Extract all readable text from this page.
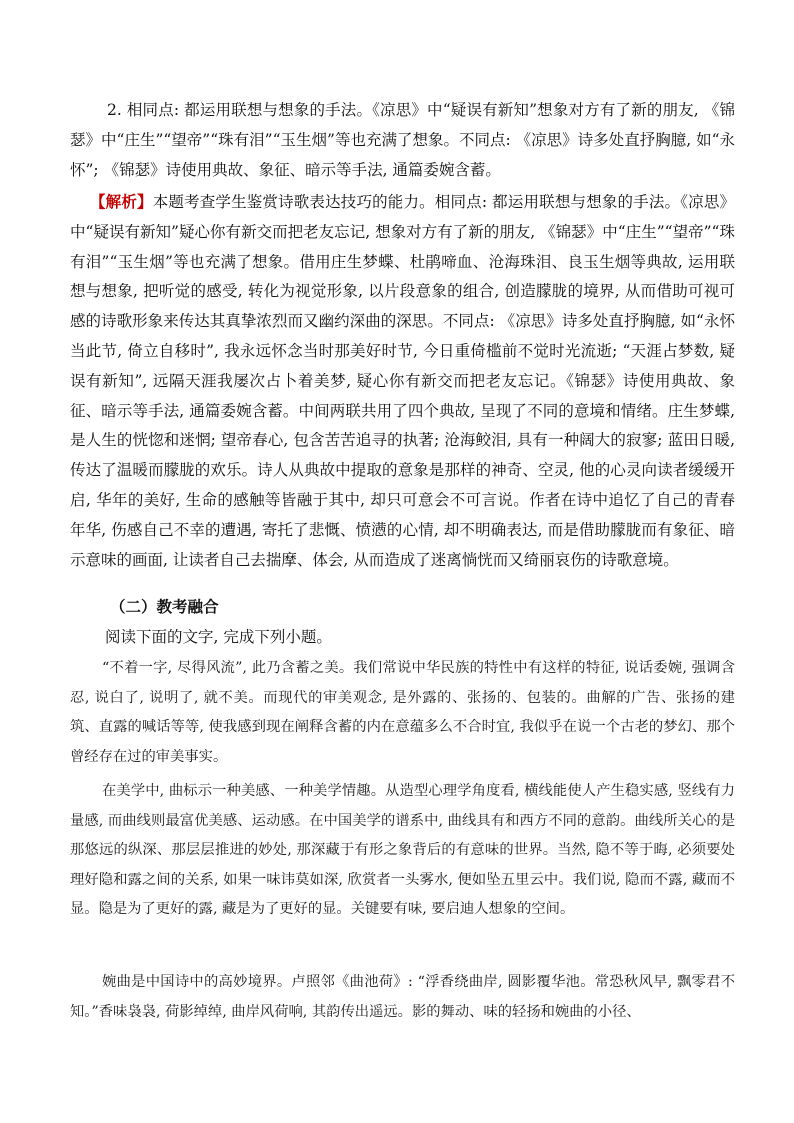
2. 相同点: 都运用联想与想象的手法。《凉思》中“疑误有新知”想象对方有了新的朋友, 《锦瑟》中“庄生”“望帝”“珠有泪”“玉生烟”等也充满了想象。不同点: 《凉思》诗多处直抒胸臆, 如“永怀”; 《锦瑟》诗使用典故、象征、暗示等手法, 通篇委婉含蓄。

【解析】本题考查学生鉴赏诗歌表达技巧的能力。相同点: 都运用联想与想象的手法。《凉思》中“疑误有新知”疑心你有新交而把老友忘记, 想象对方有了新的朋友, 《锦瑟》中“庄生”“望帝”“珠有泪”“玉生烟”等也充满了想象。借用庄生梦蝶、杜鹃啼血、沧海珠泪、良玉生烟等典故, 运用联想与想象, 把听觉的感受, 转化为视觉形象, 以片段意象的组合, 创造朦胧的境界, 从而借助可视可感的诗歌形象来传达其真挚浓烈而又幽约深曲的深思。不同点: 《凉思》诗多处直抒胸臆, 如“永怀当此节, 倚立自移时”, 我永远怀念当时那美好时节, 今日重倚槛前不觉时光流逝; “天涯占梦数, 疑误有新知”, 远隔天涯我屡次占卜着美梦, 疑心你有新交而把老友忘记。《锦瑟》诗使用典故、象征、暗示等手法, 通篇委婉含蓄。中间两联共用了四个典故, 呈现了不同的意境和情绪。庄生梦蝶, 是人生的恍惚和迷惘; 望帝春心, 包含苦苦追寻的执著; 沧海鲛泪, 具有一种阔大的寂寥; 蓝田日暖, 传达了温暖而朦胧的欢乐。诗人从典故中提取的意象是那样的神奇、空灵, 他的心灵向读者缓缓开启, 华年的美好, 生命的感触等皆融于其中, 却只可意会不可言说。作者在诗中追忆了自己的青春年华, 伤感自己不幸的遭遇, 寄托了悲慨、愤懑的心情, 却不明确表达, 而是借助朦胧而有象征、暗示意味的画面, 让读者自己去揣摩、体会, 从而造成了迷离惝恍而又绮丽哀伤的诗歌意境。

（二）教考融合
阅读下面的文字, 完成下列小题。

“不着一字, 尽得风流”, 此乃含蓄之美。我们常说中华民族的特性中有这样的特征, 说话委婉, 强调含忍, 说白了, 说明了, 就不美。而现代的审美观念, 是外露的、张扬的、包装的。曲解的广告、张扬的建筑、直露的喊话等等, 使我感到现在阐释含蓄的内在意蕴多么不合时宜, 我似乎在说一个古老的梦幻、那个曾经存在过的审美事实。

在美学中, 曲标示一种美感、一种美学情趣。从造型心理学角度看, 横线能使人产生稳实感, 竖线有力量感, 而曲线则最富优美感、运动感。在中国美学的谱系中, 曲线具有和西方不同的意韵。曲线所关心的是那悠远的纵深、那层层推进的妙处, 那深藏于有形之象背后的有意味的世界。当然, 隐不等于晦, 必须要处理好隐和露之间的关系, 如果一味讳莫如深, 欣赏者一头雾水, 便如坠五里云中。我们说, 隐而不露, 藏而不显。隐是为了更好的露, 藏是为了更好的显。关键要有味, 要启迪人想象的空间。

婉曲是中国诗中的高妙境界。卢照邻《曲池荷》: “浮香绕曲岸, 圆影覆华池。常恐秋风早, 飘零君不知。”香味袅袅, 荷影绰绰, 曲岸风荷响, 其韵传出遥远。影的舞动、味的轻扬和婉曲的小径、
